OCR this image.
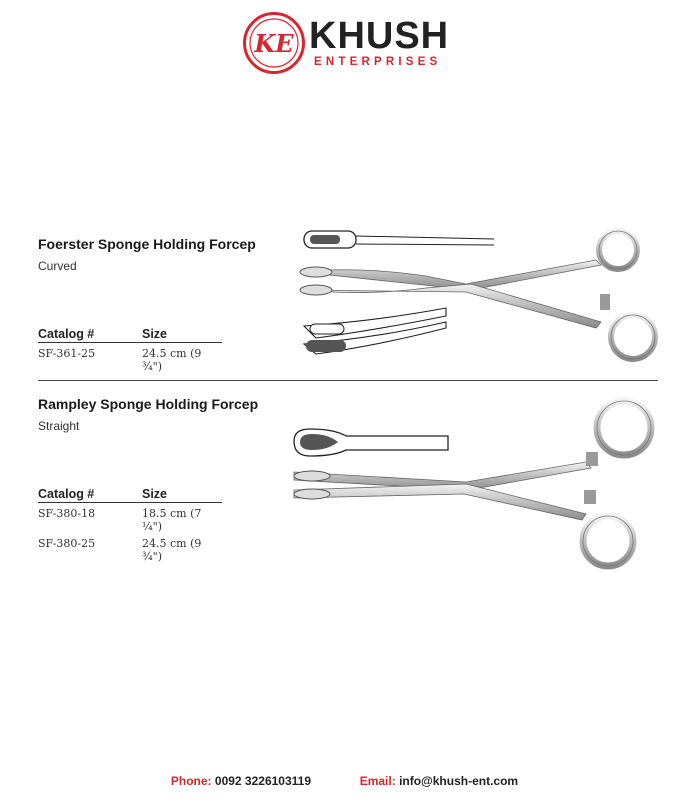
KE KHUSH
ENTERPRISES
Foerster Sponge Holding Forcep
Curved
Catalog #	Size
SF-361-25	24.5 cm (9 ¾")
Rampley Sponge Holding Forcep
Straight
Catalog #	Size
SF-380-18	18.5 cm (7 ¼")
SF-380-25	24.5 cm (9 ¾")
Phone: 0092 3226103119	Email: info@khush-ent.com
